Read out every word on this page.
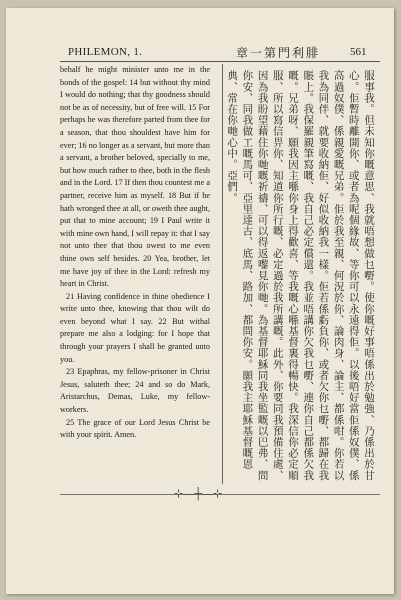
PHILEMON, 1.	章一第門利腓	561

behalf he might minister unto me in the bonds of the gospel: 14 but without thy mind I would do nothing; that thy goodness should not be as of necessity, but of free will. 15 For perhaps he was therefore parted from thee for a season, that thou shouldest have him for ever; 16 no longer as a servant, but more than a servant, a brother beloved, specially to me, but how much rather to thee, both in the flesh and in the Lord. 17 If then thou countest me a partner, receive him as myself. 18 But if he hath wronged thee at all, or oweth thee aught, put that to mine account; 19 I Paul write it with mine own hand, I will repay it: that I say not unto thee that thou owest to me even thine own self besides. 20 Yea, brother, let me have joy of thee in the Lord: refresh my heart in Christ.

21 Having confidence in thine obedience I write unto thee, knowing that thou wilt do even beyond what I say. 22 But withal prepare me also a lodging: for I hope that through your prayers I shall be granted unto you.

23 Epaphras, my fellow-prisoner in Christ Jesus, saluteth thee; 24 and so do Mark, Aristarchus, Demas, Luke, my fellow-workers.

25 The grace of our Lord Jesus Christ be with your spirit. Amen.	服事我。但未知你嘅意思、我就唔想做乜嘢。使你嘅好事唔係出於勉強、乃係出於甘心。佢暫時離開你、或者為呢個緣故、等你可以永遠得佢。以後唔好當佢係奴僕、係高過奴僕、係親愛嘅兄弟。佢於我至親、何況於你、論肉身、論主、都係咁。你若以我為同伴、就要收納佢、好似收納我一樣。佢若係虧負你、或者欠你乜嘢、都歸在我賬上。我保羅親筆寫嘅、我自己必定償還。我並唔講你欠我乜嘢、連你自己都係欠我嘅。兄弟呀、願我因主喺你身上得歡喜、等我嘅心喺基督裏得暢快。我深信你必定順服、所以寫信畀你、知道你所行嘅、必定過於我所講嘅。此外、你要同我預備住處、因為我盼望藉住你哋嘅祈禱、可以得返嚟見你哋。為基督耶穌同我坐監嘅以巴弗、問你安、同我做工嘅馬可、亞里達古、底馬、路加、都問你安。願我主耶穌基督嘅恩典、常在你哋心中。亞們。

⊹—┼—⊹
